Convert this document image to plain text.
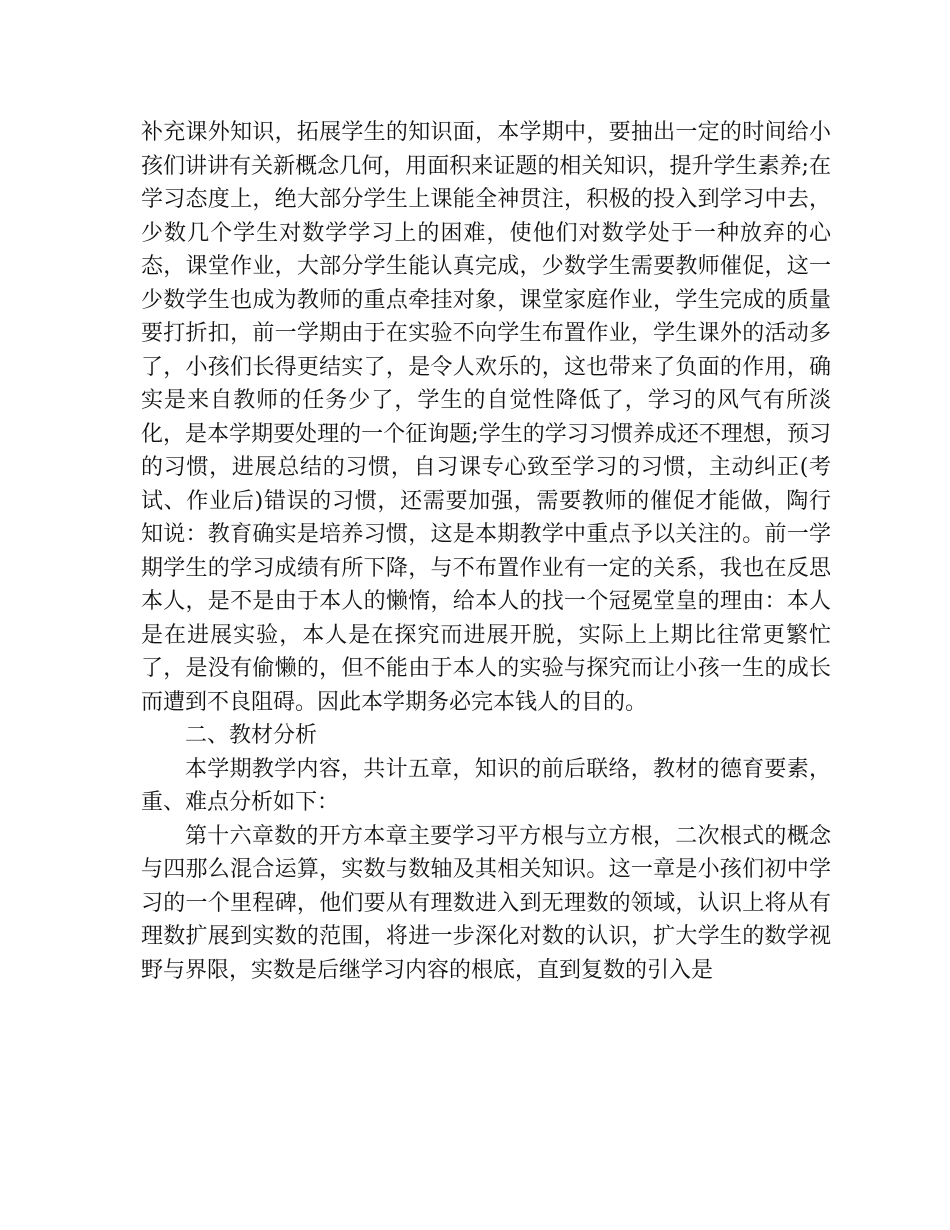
补充课外知识，拓展学生的知识面，本学期中，要抽出一定的时间给小孩们讲讲有关新概念几何，用面积来证题的相关知识，提升学生素养;在学习态度上，绝大部分学生上课能全神贯注，积极的投入到学习中去，少数几个学生对数学学习上的困难，使他们对数学处于一种放弃的心态，课堂作业，大部分学生能认真完成，少数学生需要教师催促，这一少数学生也成为教师的重点牵挂对象，课堂家庭作业，学生完成的质量要打折扣，前一学期由于在实验不向学生布置作业，学生课外的活动多了，小孩们长得更结实了，是令人欢乐的，这也带来了负面的作用，确实是来自教师的任务少了，学生的自觉性降低了，学习的风气有所淡化，是本学期要处理的一个征询题;学生的学习习惯养成还不理想，预习的习惯，进展总结的习惯，自习课专心致至学习的习惯，主动纠正(考试、作业后)错误的习惯，还需要加强，需要教师的催促才能做，陶行知说：教育确实是培养习惯，这是本期教学中重点予以关注的。前一学期学生的学习成绩有所下降，与不布置作业有一定的关系，我也在反思本人，是不是由于本人的懒惰，给本人的找一个冠冕堂皇的理由：本人是在进展实验，本人是在探究而进展开脱，实际上上期比往常更繁忙了，是没有偷懒的，但不能由于本人的实验与探究而让小孩一生的成长而遭到不良阻碍。因此本学期务必完本钱人的目的。

二、教材分析

本学期教学内容，共计五章，知识的前后联络，教材的德育要素，重、难点分析如下：

第十六章数的开方本章主要学习平方根与立方根，二次根式的概念与四那么混合运算，实数与数轴及其相关知识。这一章是小孩们初中学习的一个里程碑，他们要从有理数进入到无理数的领域，认识上将从有理数扩展到实数的范围，将进一步深化对数的认识，扩大学生的数学视野与界限，实数是后继学习内容的根底，直到复数的引入是
